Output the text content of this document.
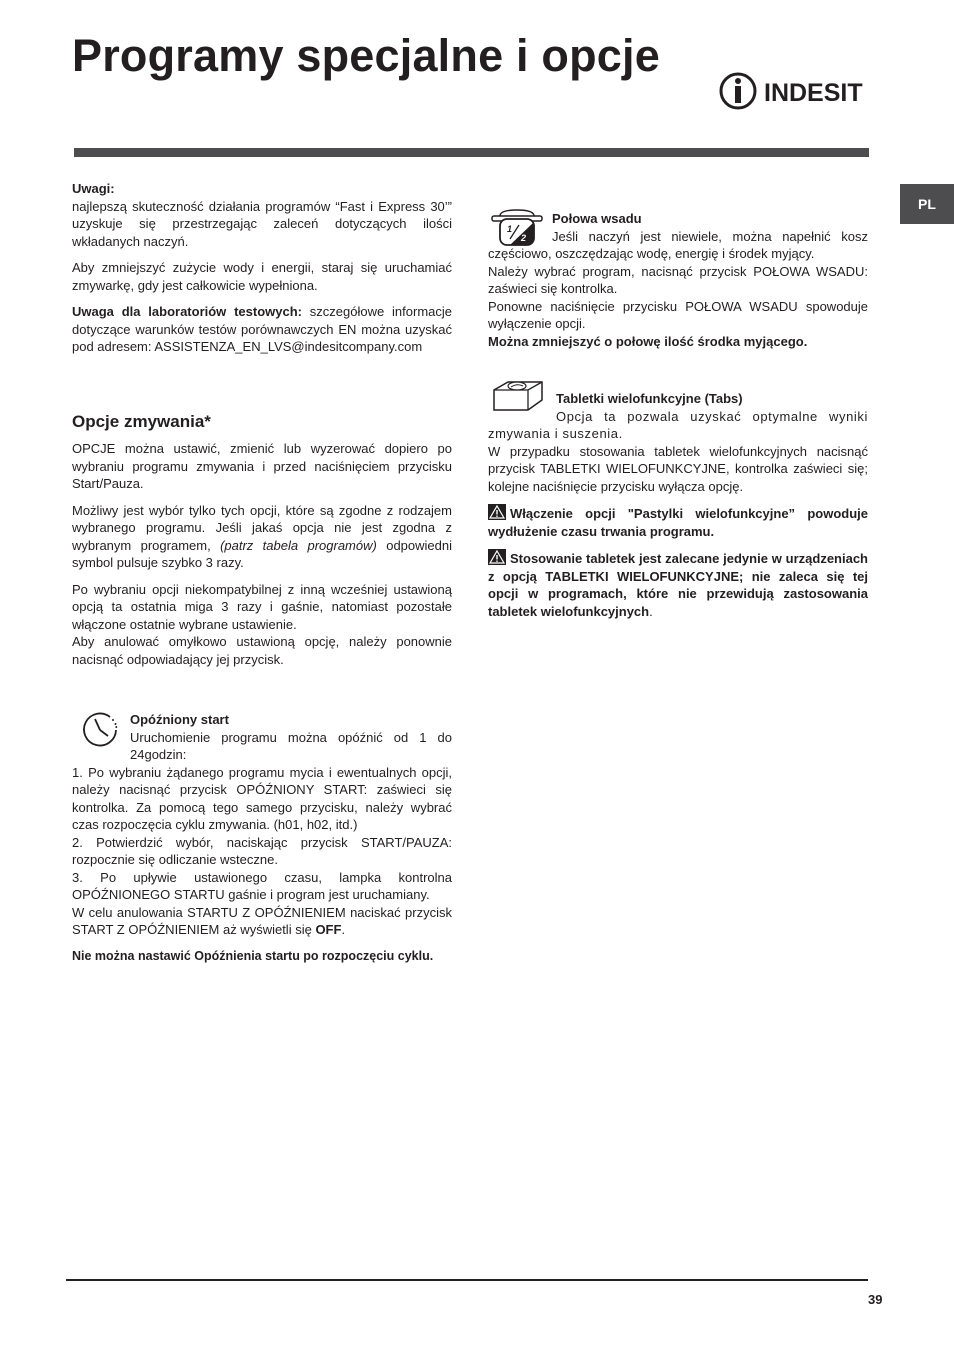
Programy specjalne i opcje
INDESIT
PL
Uwagi:

najlepszą skuteczność działania programów “Fast i Express 30’” uzyskuje się przestrzegając zaleceń dotyczących ilości wkładanych naczyń.

Aby zmniejszyć zużycie wody i energii, staraj się uruchamiać zmywarkę, gdy jest całkowicie wypełniona.

Uwaga dla laboratoriów testowych: szczegółowe informacje dotyczące warunków testów porównawczych EN można uzyskać pod adresem: ASSISTENZA_EN_LVS@indesitcompany.com

Opcje zmywania*

OPCJE można ustawić, zmienić lub wyzerować dopiero po wybraniu programu zmywania i przed naciśnięciem przycisku Start/Pauza.

Możliwy jest wybór tylko tych opcji, które są zgodne z rodzajem wybranego programu. Jeśli jakaś opcja nie jest zgodna z wybranym programem, (patrz tabela programów) odpowiedni symbol pulsuje szybko 3 razy.

Po wybraniu opcji niekompatybilnej z inną wcześniej ustawioną opcją ta ostatnia miga 3 razy i gaśnie, natomiast pozostałe włączone ostatnie wybrane ustawienie.

Aby anulować omyłkowo ustawioną opcję, należy ponownie nacisnąć odpowiadający jej przycisk.

Opóźniony start
Uruchomienie programu można opóźnić od 1 do 24godzin:
1. Po wybraniu żądanego programu mycia i ewentualnych opcji, należy nacisnąć przycisk OPÓŹNIONY START: zaświeci się kontrolka. Za pomocą tego samego przycisku, należy wybrać czas rozpoczęcia cyklu zmywania. (h01, h02, itd.)
2. Potwierdzić wybór, naciskając przycisk START/PAUZA: rozpocznie się odliczanie wsteczne.
3. Po upływie ustawionego czasu, lampka kontrolna OPÓŹNIONEGO STARTU gaśnie i program jest uruchamiany.

W celu anulowania STARTU Z OPÓŹNIENIEM naciskać przycisk START Z OPÓŹNIENIEM aż wyświetli się OFF.

Nie można nastawić Opóźnienia startu po rozpoczęciu cyklu.

1
2
Połowa wsadu
Jeśli naczyń jest niewiele, można napełnić kosz częściowo, oszczędzając wodę, energię i środek myjący.
Należy wybrać program, nacisnąć przycisk POŁOWA WSADU: zaświeci się kontrolka.
Ponowne naciśnięcie przycisku POŁOWA WSADU spowoduje wyłączenie opcji.
Można zmniejszyć o połowę ilość środka myjącego.
Tabletki wielofunkcyjne (Tabs)
Opcja ta pozwala uzyskać optymalne wyniki zmywania i suszenia.

W przypadku stosowania tabletek wielofunkcyjnych nacisnąć przycisk TABLETKI WIELOFUNKCYJNE, kontrolka zaświeci się; kolejne naciśnięcie przycisku wyłącza opcję.

Włączenie opcji "Pastylki wielofunkcyjne” powoduje wydłużenie czasu trwania programu.

Stosowanie tabletek jest zalecane jedynie w urządzeniach z opcją TABLETKI WIELOFUNKCYJNE; nie zaleca się tej opcji w programach, które nie przewidują zastosowania tabletek wielofunkcyjnych.

39
